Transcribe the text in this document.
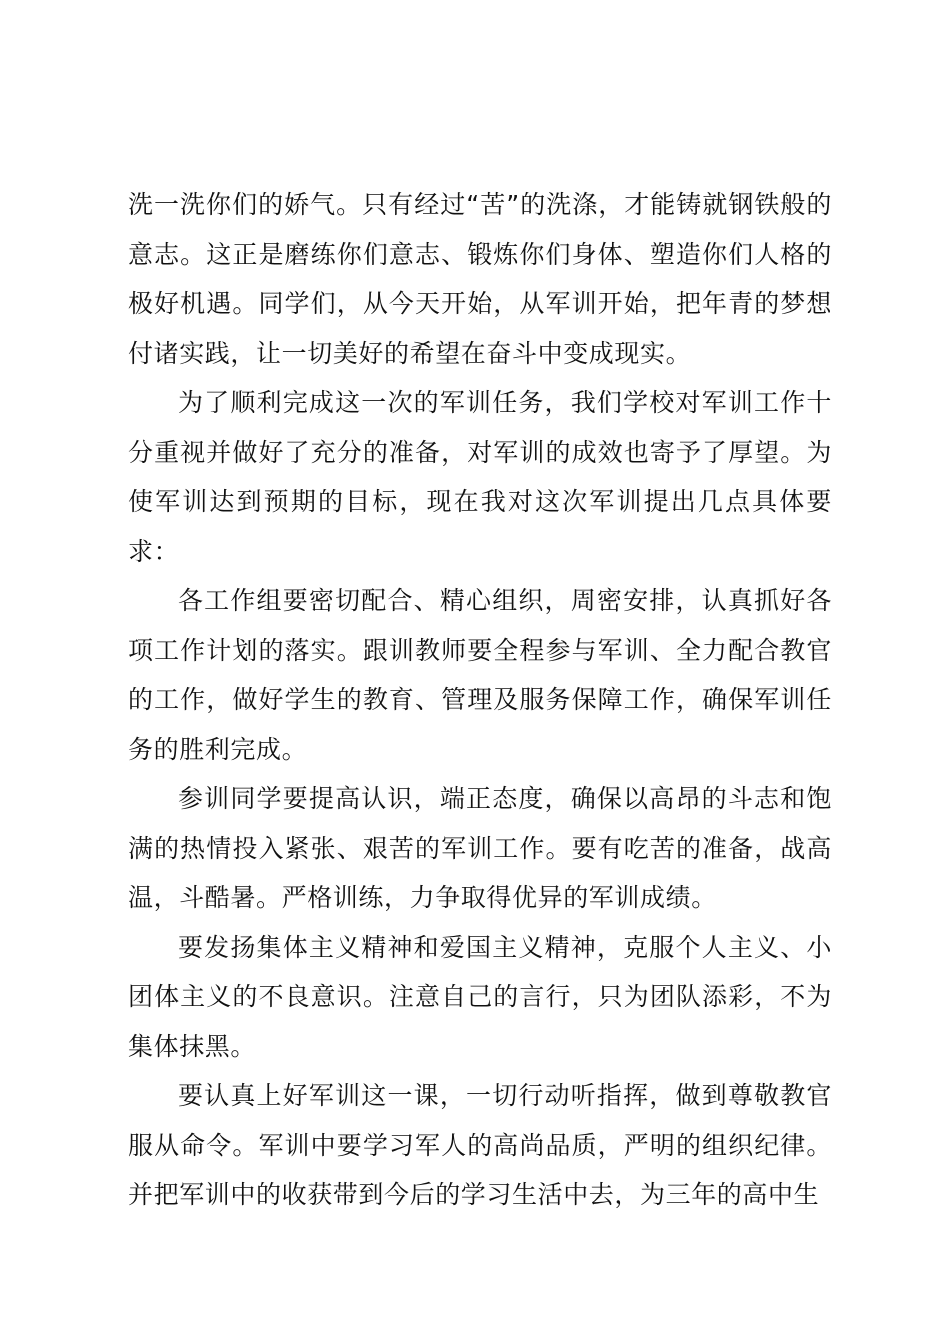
洗一洗你们的娇气。只有经过“苦”的洗涤，才能铸就钢铁般的意志。这正是磨练你们意志、锻炼你们身体、塑造你们人格的极好机遇。同学们，从今天开始，从军训开始，把年青的梦想付诸实践，让一切美好的希望在奋斗中变成现实。

为了顺利完成这一次的军训任务，我们学校对军训工作十分重视并做好了充分的准备，对军训的成效也寄予了厚望。为使军训达到预期的目标，现在我对这次军训提出几点具体要求：

各工作组要密切配合、精心组织，周密安排，认真抓好各项工作计划的落实。跟训教师要全程参与军训、全力配合教官的工作，做好学生的教育、管理及服务保障工作，确保军训任务的胜利完成。

参训同学要提高认识，端正态度，确保以高昂的斗志和饱满的热情投入紧张、艰苦的军训工作。要有吃苦的准备，战高温，斗酷暑。严格训练，力争取得优异的军训成绩。

要发扬集体主义精神和爱国主义精神，克服个人主义、小团体主义的不良意识。注意自己的言行，只为团队添彩，不为集体抹黑。

要认真上好军训这一课，一切行动听指挥，做到尊敬教官服从命令。军训中要学习军人的高尚品质，严明的组织纪律。并把军训中的收获带到今后的学习生活中去，为三年的高中生
